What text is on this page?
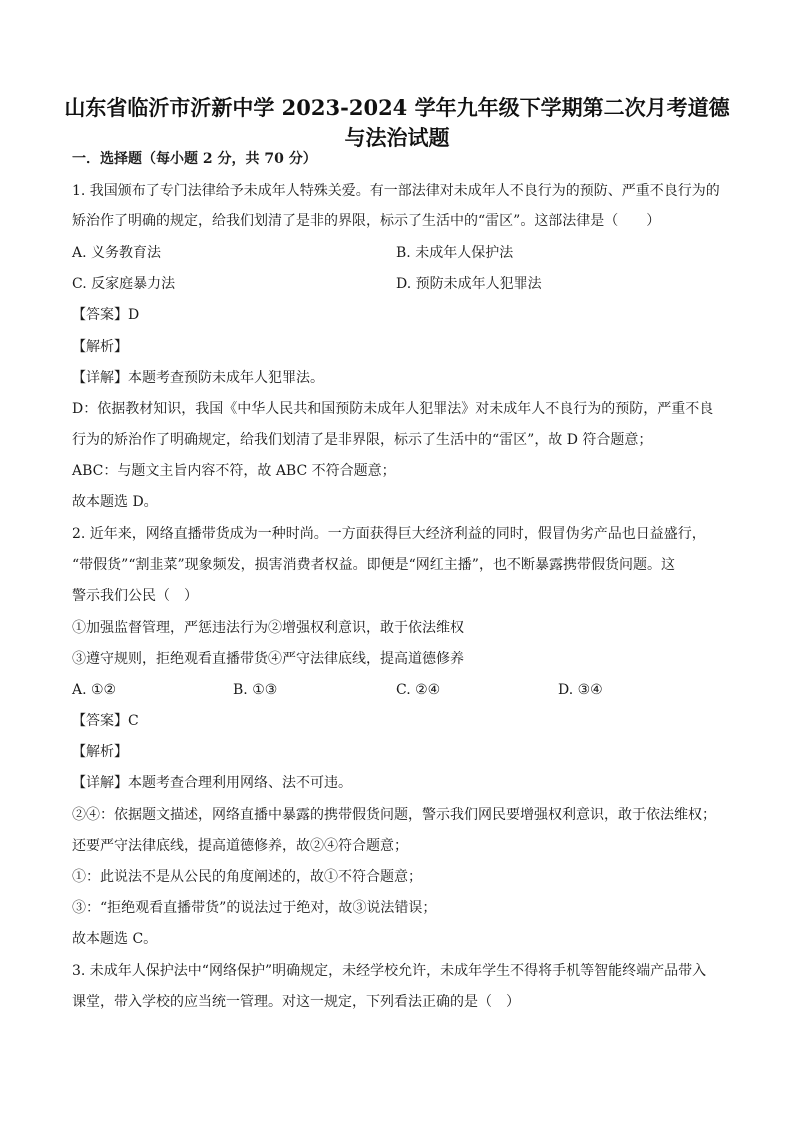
山东省临沂市沂新中学 2023-2024 学年九年级下学期第二次月考道德
与法治试题
一．选择题（每小题 2 分，共 70 分）
1. 我国颁布了专门法律给予未成年人特殊关爱。有一部法律对未成年人不良行为的预防、严重不良行为的
矫治作了明确的规定，给我们划清了是非的界限，标示了生活中的“雷区”。这部法律是（　　）
A. 义务教育法	B. 未成年人保护法
C. 反家庭暴力法	D. 预防未成年人犯罪法
【答案】D
【解析】
【详解】本题考查预防未成年人犯罪法。
D：依据教材知识，我国《中华人民共和国预防未成年人犯罪法》对未成年人不良行为的预防，严重不良
行为的矫治作了明确规定，给我们划清了是非界限，标示了生活中的“雷区”，故 D 符合题意；
ABC：与题文主旨内容不符，故 ABC 不符合题意；
故本题选 D。
2. 近年来，网络直播带货成为一种时尚。一方面获得巨大经济利益的同时，假冒伪劣产品也日益盛行，
“带假货”“割韭菜”现象频发，损害消费者权益。即便是“网红主播”，也不断暴露携带假货问题。这
警示我们公民（　）
①加强监督管理，严惩违法行为②增强权利意识，敢于依法维权
③遵守规则，拒绝观看直播带货④严守法律底线，提高道德修养
A. ①②	B. ①③	C. ②④	D. ③④
【答案】C
【解析】
【详解】本题考查合理利用网络、法不可违。
②④：依据题文描述，网络直播中暴露的携带假货问题，警示我们网民要增强权利意识，敢于依法维权；
还要严守法律底线，提高道德修养，故②④符合题意；
①：此说法不是从公民的角度阐述的，故①不符合题意；
③：“拒绝观看直播带货”的说法过于绝对，故③说法错误；
故本题选 C。
3. 未成年人保护法中“网络保护”明确规定，未经学校允许，未成年学生不得将手机等智能终端产品带入
课堂，带入学校的应当统一管理。对这一规定，下列看法正确的是（　）
